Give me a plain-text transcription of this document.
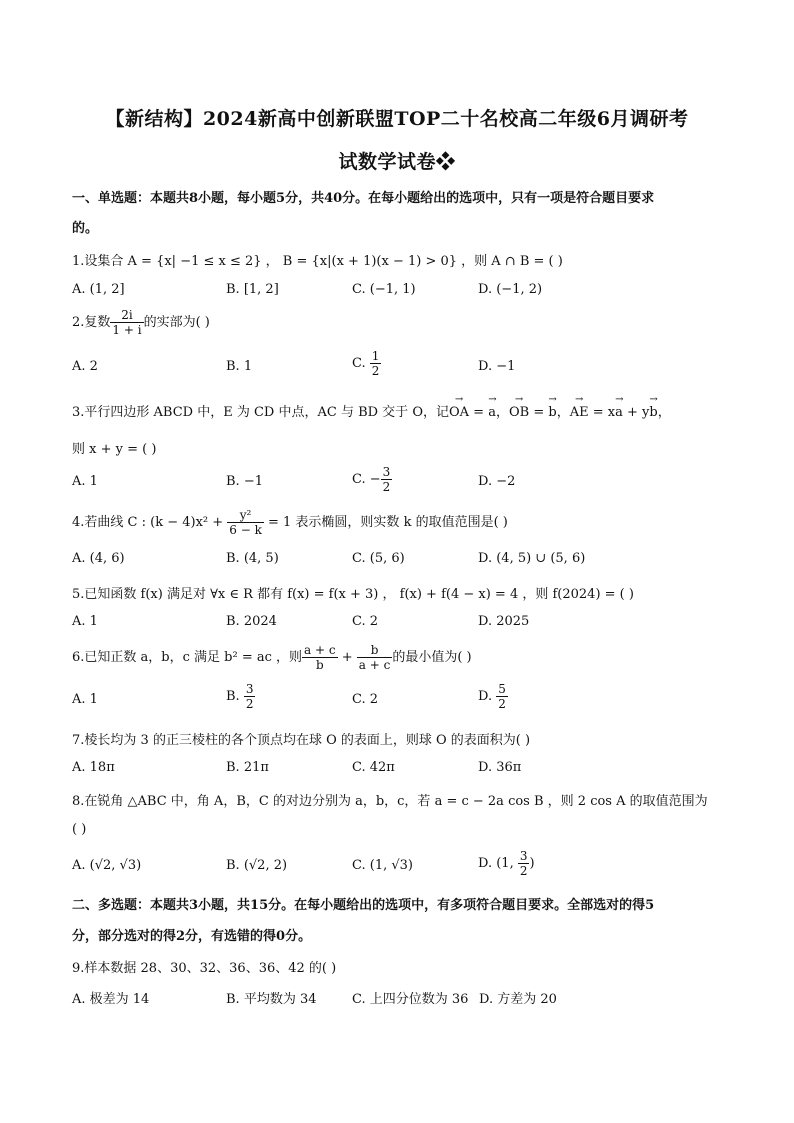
【新结构】2024新高中创新联盟TOP二十名校高二年级6月调研考
试数学试卷❖
一、单选题：本题共8小题，每小题5分，共40分。在每小题给出的选项中，只有一项是符合题目要求
的。
1.设集合 A = {x| −1 ≤ x ≤ 2} ， B = {x|(x + 1)(x − 1) > 0} ，则 A ∩ B = ( )
A. (1, 2]	B. [1, 2]	C. (−1, 1)	D. (−1, 2)
2.复数 $\frac{2i}{1 + i}$ 的实部为( )
A. 2	B. 1	C. $\frac{1}{2}$	D. −1
3.平行四边形 ABCD 中，E 为 CD 中点，AC 与 BD 交于 O，记→ OA = → a，→ OB = → b，→ AE = x→ a + y→ b，
则 x + y = ( )
A. 1	B. −1	C. − $\frac{3}{2}$	D. −2
4.若曲线 C : $(k - 4)x^2 + \frac{\text{y²}}{6 - k} = 1$ 表示椭圆，则实数 k 的取值范围是( )
A. (4, 6)	B. (4, 5)	C. (5, 6)	D. (4, 5) ∪ (5, 6)
5.已知函数 f(x) 满足对 ∀x ∈ R 都有 f(x) = f(x + 3) ， f(x) + f(4 − x) = 4 ，则 f(2024) = ( )
A. 1	B. 2024	C. 2	D. 2025
6.已知正数 a，b，c 满足 b² = ac ，则 $\frac{a + c}{b} + \frac{b}{a + c}$ 的最小值为( )
A. 1	B. $\frac{3}{2}$	C. 2	D. $\frac{5}{2}$
7.棱长均为 3 的正三棱柱的各个顶点均在球 O 的表面上，则球 O 的表面积为( )
A. 18π	B. 21π	C. 42π	D. 36π
8.在锐角 △ABC 中，角 A，B，C 的对边分别为 a，b，c，若 a = c − 2a cos B ，则 2 cos A 的取值范围为
( )
A. (√2, √3)	B. (√2, 2)	C. (1, √3)	D. (1, $\frac{3}{2}$ )
二、多选题：本题共3小题，共15分。在每小题给出的选项中，有多项符合题目要求。全部选对的得5
分，部分选对的得2分，有选错的得0分。
9.样本数据 28、30、32、36、36、42 的( )
A. 极差为 14	B. 平均数为 34	C. 上四分位数为 36 D. 方差为 20
